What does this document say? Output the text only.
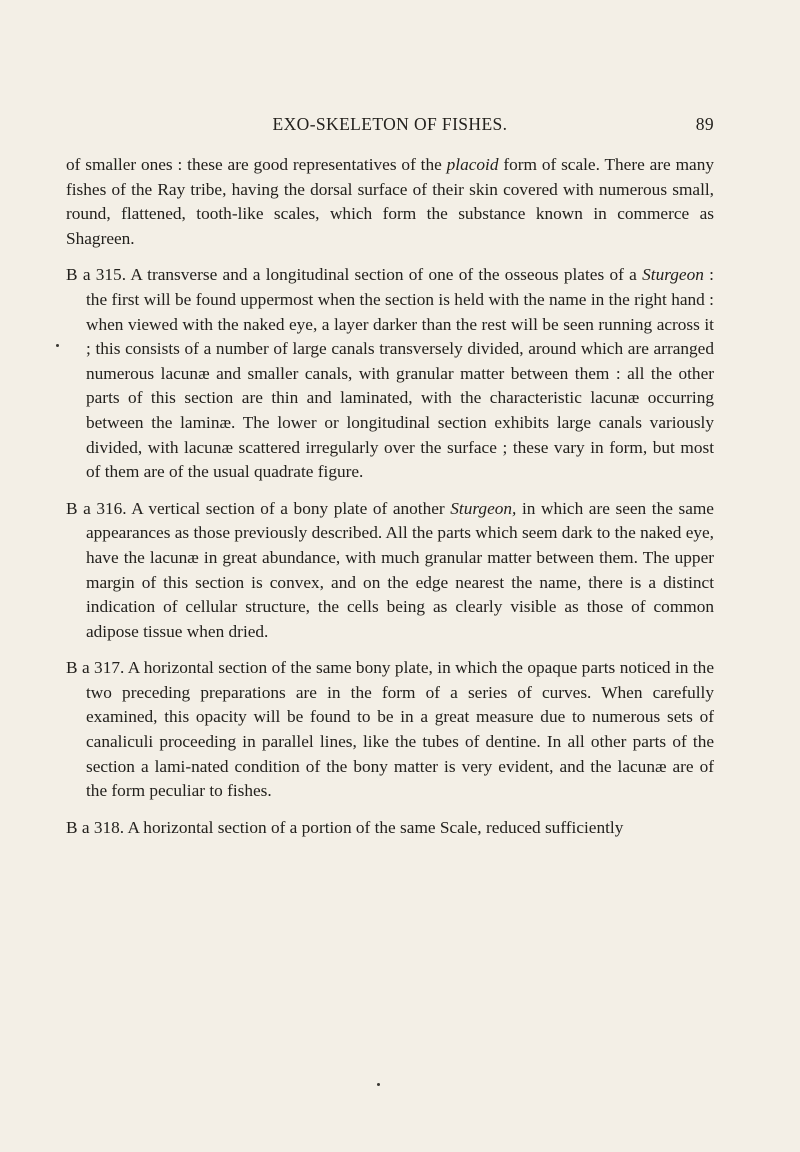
EXO-SKELETON OF FISHES.	89

of smaller ones : these are good representatives of the placoid form of scale. There are many fishes of the Ray tribe, having the dorsal surface of their skin covered with numerous small, round, flattened, tooth-like scales, which form the substance known in commerce as Shagreen.

B a 315. A transverse and a longitudinal section of one of the osseous plates of a Sturgeon : the first will be found uppermost when the section is held with the name in the right hand : when viewed with the naked eye, a layer darker than the rest will be seen running across it ; this consists of a number of large canals transversely divided, around which are arranged numerous lacunæ and smaller canals, with granular matter between them : all the other parts of this section are thin and laminated, with the characteristic lacunæ occurring between the laminæ. The lower or longitudinal section exhibits large canals variously divided, with lacunæ scattered irregularly over the surface ; these vary in form, but most of them are of the usual quadrate figure.

B a 316. A vertical section of a bony plate of another Sturgeon, in which are seen the same appearances as those previously described. All the parts which seem dark to the naked eye, have the lacunæ in great abundance, with much granular matter between them. The upper margin of this section is convex, and on the edge nearest the name, there is a distinct indication of cellular structure, the cells being as clearly visible as those of common adipose tissue when dried.

B a 317. A horizontal section of the same bony plate, in which the opaque parts noticed in the two preceding preparations are in the form of a series of curves. When carefully examined, this opacity will be found to be in a great measure due to numerous sets of canaliculi proceeding in parallel lines, like the tubes of dentine. In all other parts of the section a lami-nated condition of the bony matter is very evident, and the lacunæ are of the form peculiar to fishes.

B a 318. A horizontal section of a portion of the same Scale, reduced sufficiently
